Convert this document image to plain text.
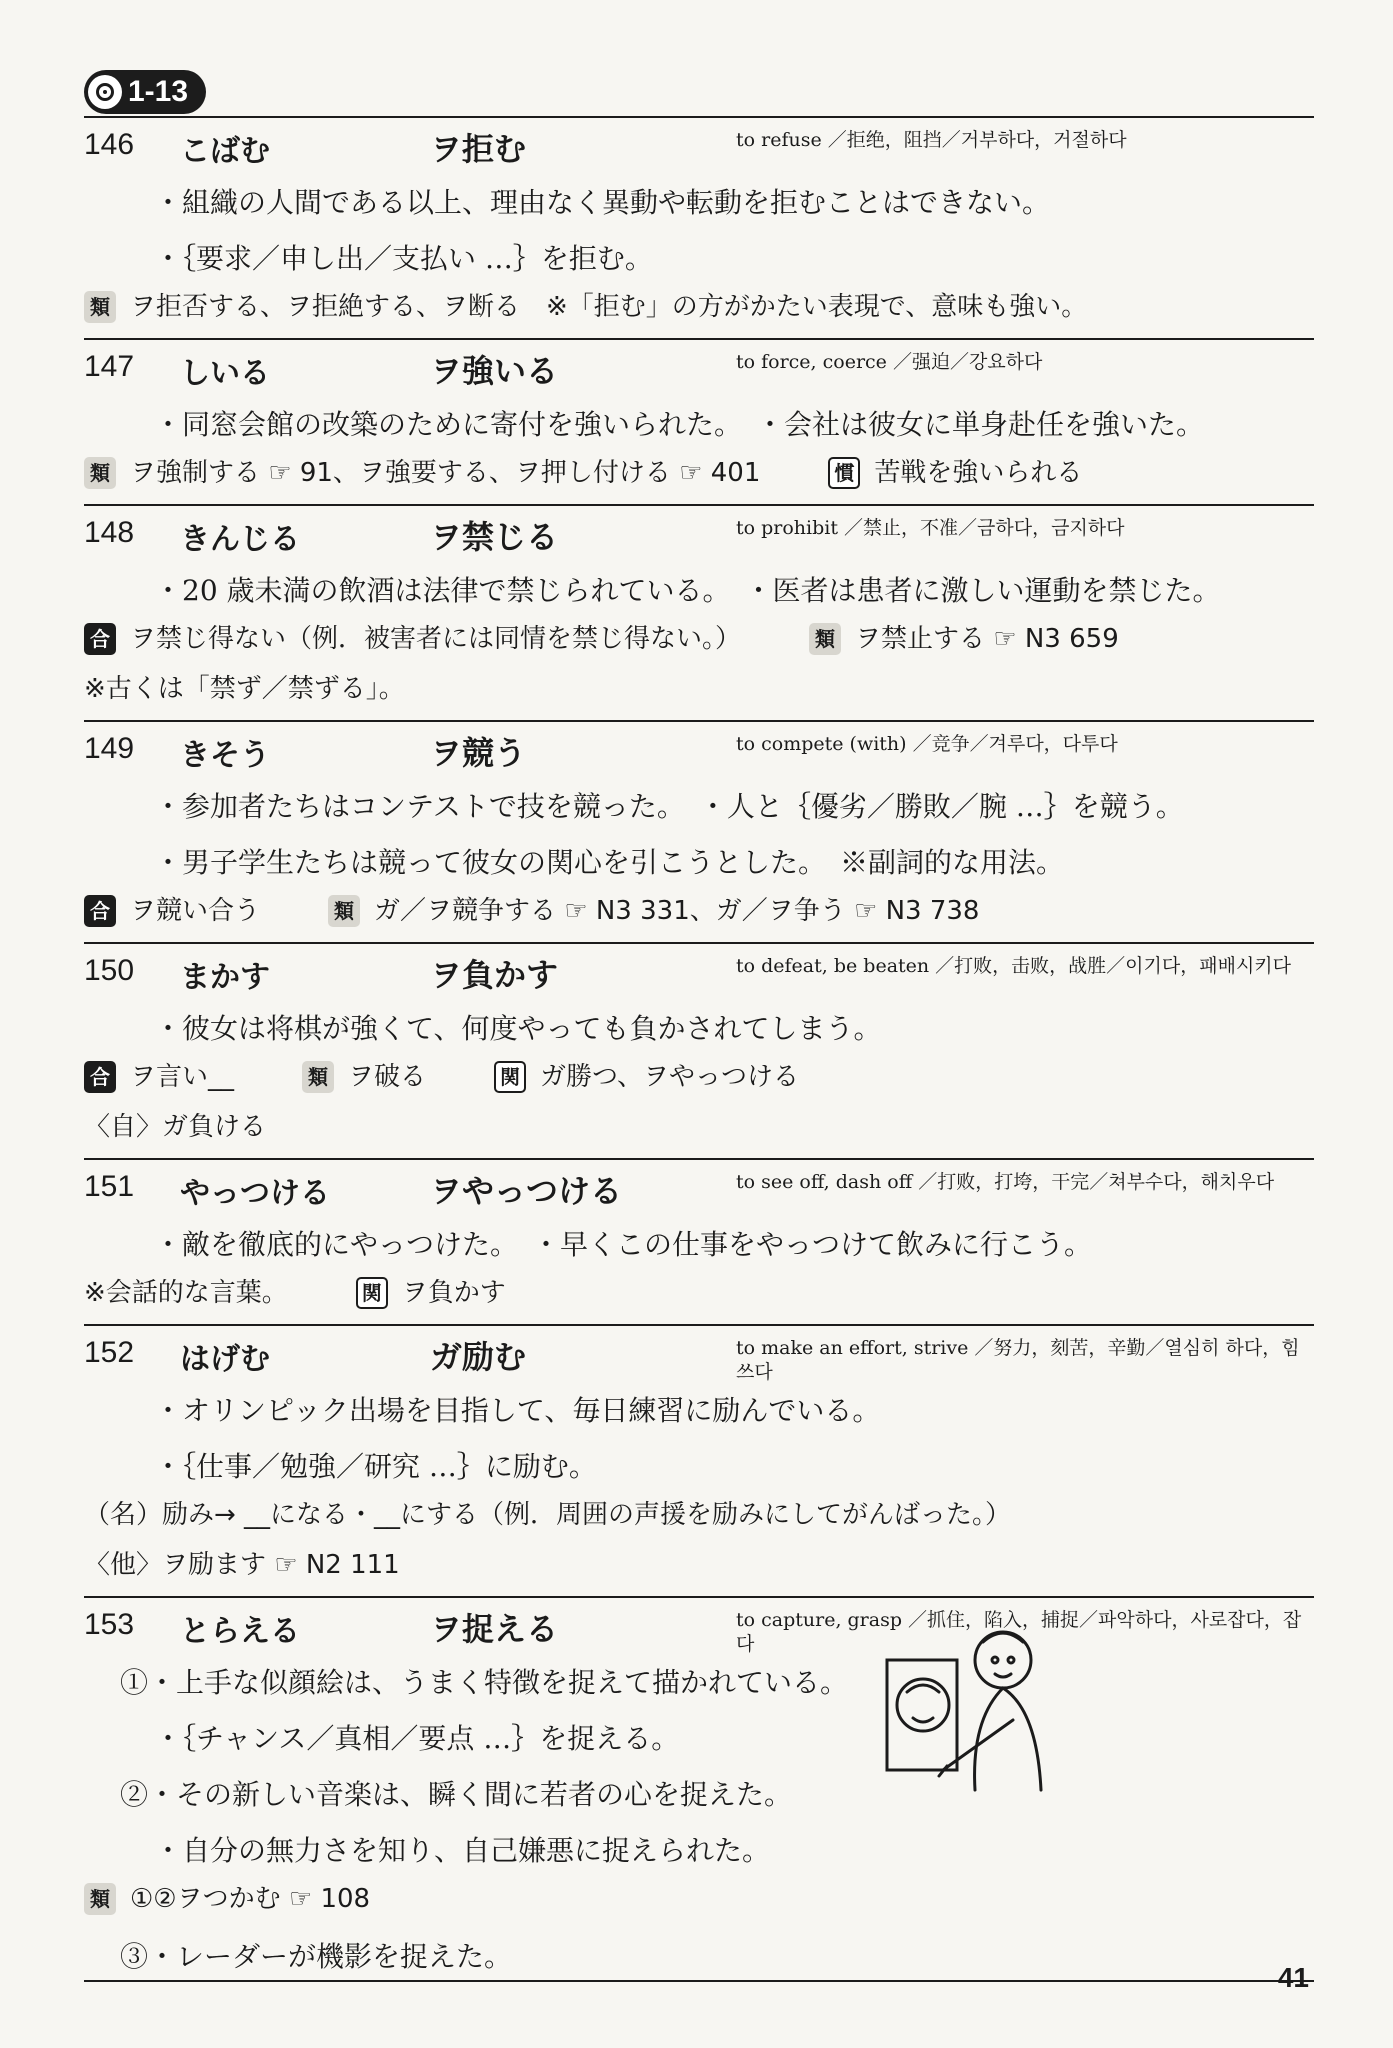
1-13
146	こばむ	ヲ拒む	to refuse ／拒绝，阻挡／거부하다，거절하다
・組織の人間である以上、理由なく異動や転動を拒むことはできない。
・｛要求／申し出／支払い …｝を拒む。
類 ヲ拒否する、ヲ拒絶する、ヲ断る　※「拒む」の方がかたい表現で、意味も強い。
147	しいる	ヲ強いる	to force, coerce ／强迫／강요하다
・同窓会館の改築のために寄付を強いられた。　・会社は彼女に単身赴任を強いた。
類 ヲ強制する ☞ 91、ヲ強要する、ヲ押し付ける ☞ 401	慣 苦戦を強いられる
148	きんじる	ヲ禁じる	to prohibit ／禁止，不准／금하다，금지하다
・20 歳未満の飲酒は法律で禁じられている。　・医者は患者に激しい運動を禁じた。
合 ヲ禁じ得ない（例．被害者には同情を禁じ得ない。）	類 ヲ禁止する ☞ N3 659
※古くは「禁ず／禁ずる」。
149	きそう	ヲ競う	to compete (with) ／竞争／겨루다，다투다
・参加者たちはコンテストで技を競った。　・人と｛優劣／勝敗／腕 …｝を競う。
・男子学生たちは競って彼女の関心を引こうとした。　※副詞的な用法。
合 ヲ競い合う	類 ガ／ヲ競争する ☞ N3 331、ガ／ヲ争う ☞ N3 738
150	まかす	ヲ負かす	to defeat, be beaten ／打败，击败，战胜／이기다，패배시키다
・彼女は将棋が強くて、何度やっても負かされてしまう。
合 ヲ言い__	類 ヲ破る	関 ガ勝つ、ヲやっつける
〈自〉ガ負ける
151	やっつける	ヲやっつける	to see off, dash off ／打败，打垮，干完／쳐부수다，해치우다
・敵を徹底的にやっつけた。　・早くこの仕事をやっつけて飲みに行こう。
※会話的な言葉。	関 ヲ負かす
152	はげむ	ガ励む	to make an effort, strive ／努力，刻苦，辛勤／열심히 하다，힘쓰다
・オリンピック出場を目指して、毎日練習に励んでいる。
・｛仕事／勉強／研究 …｝に励む。
（名）励み→ __になる・__にする（例．周囲の声援を励みにしてがんばった。）
〈他〉ヲ励ます ☞ N2 111
153	とらえる	ヲ捉える	to capture, grasp ／抓住，陷入，捕捉／파악하다，사로잡다，잡다
①・上手な似顔絵は、うまく特徴を捉えて描かれている。
・｛チャンス／真相／要点 …｝を捉える。
②・その新しい音楽は、瞬く間に若者の心を捉えた。
・自分の無力さを知り、自己嫌悪に捉えられた。
類 ①②ヲつかむ ☞ 108
③・レーダーが機影を捉えた。
41
